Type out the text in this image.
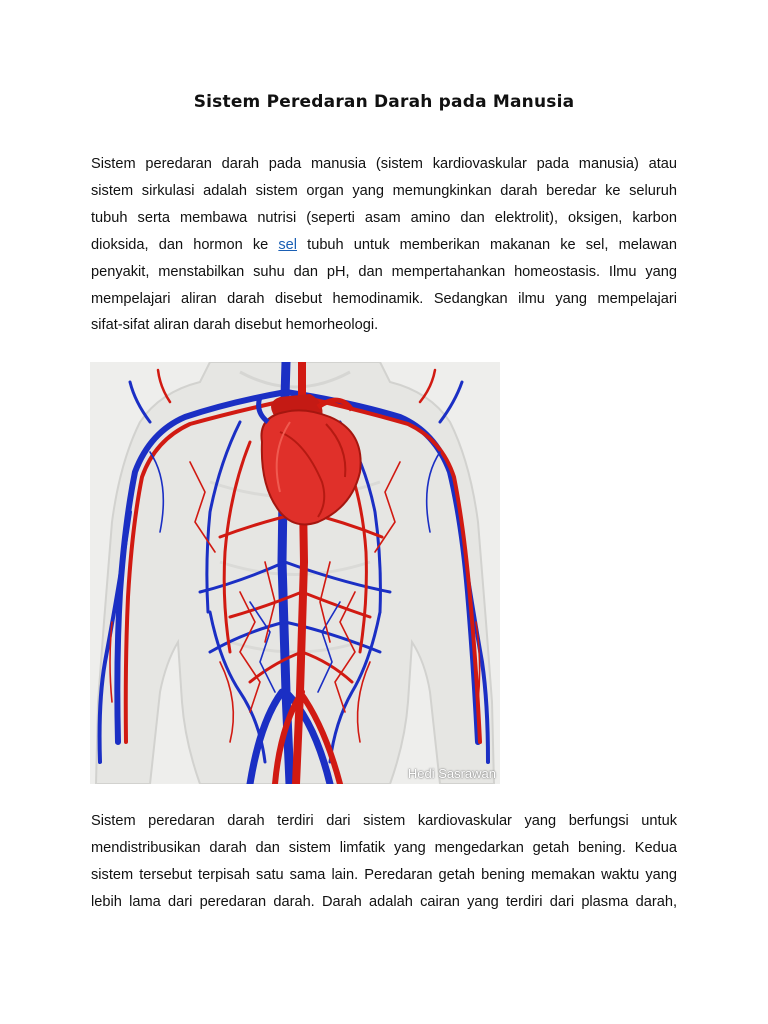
Sistem Peredaran Darah pada Manusia
Sistem peredaran darah pada manusia (sistem kardiovaskular pada manusia) atau
sistem sirkulasi adalah sistem organ yang memungkinkan darah beredar ke seluruh
tubuh serta membawa nutrisi (seperti asam amino dan elektrolit), oksigen, karbon
dioksida, dan hormon ke sel tubuh untuk memberikan makanan ke sel, melawan
penyakit, menstabilkan suhu dan pH, dan mempertahankan homeostasis. Ilmu yang
mempelajari aliran darah disebut hemodinamik. Sedangkan ilmu yang mempelajari
sifat-sifat aliran darah disebut hemorheologi.
Hedi Sasrawan
Sistem peredaran darah terdiri dari sistem kardiovaskular yang berfungsi untuk
mendistribusikan darah dan sistem limfatik yang mengedarkan getah bening. Kedua
sistem tersebut terpisah satu sama lain. Peredaran getah bening memakan waktu yang
lebih lama dari peredaran darah. Darah adalah cairan yang terdiri dari plasma darah,
